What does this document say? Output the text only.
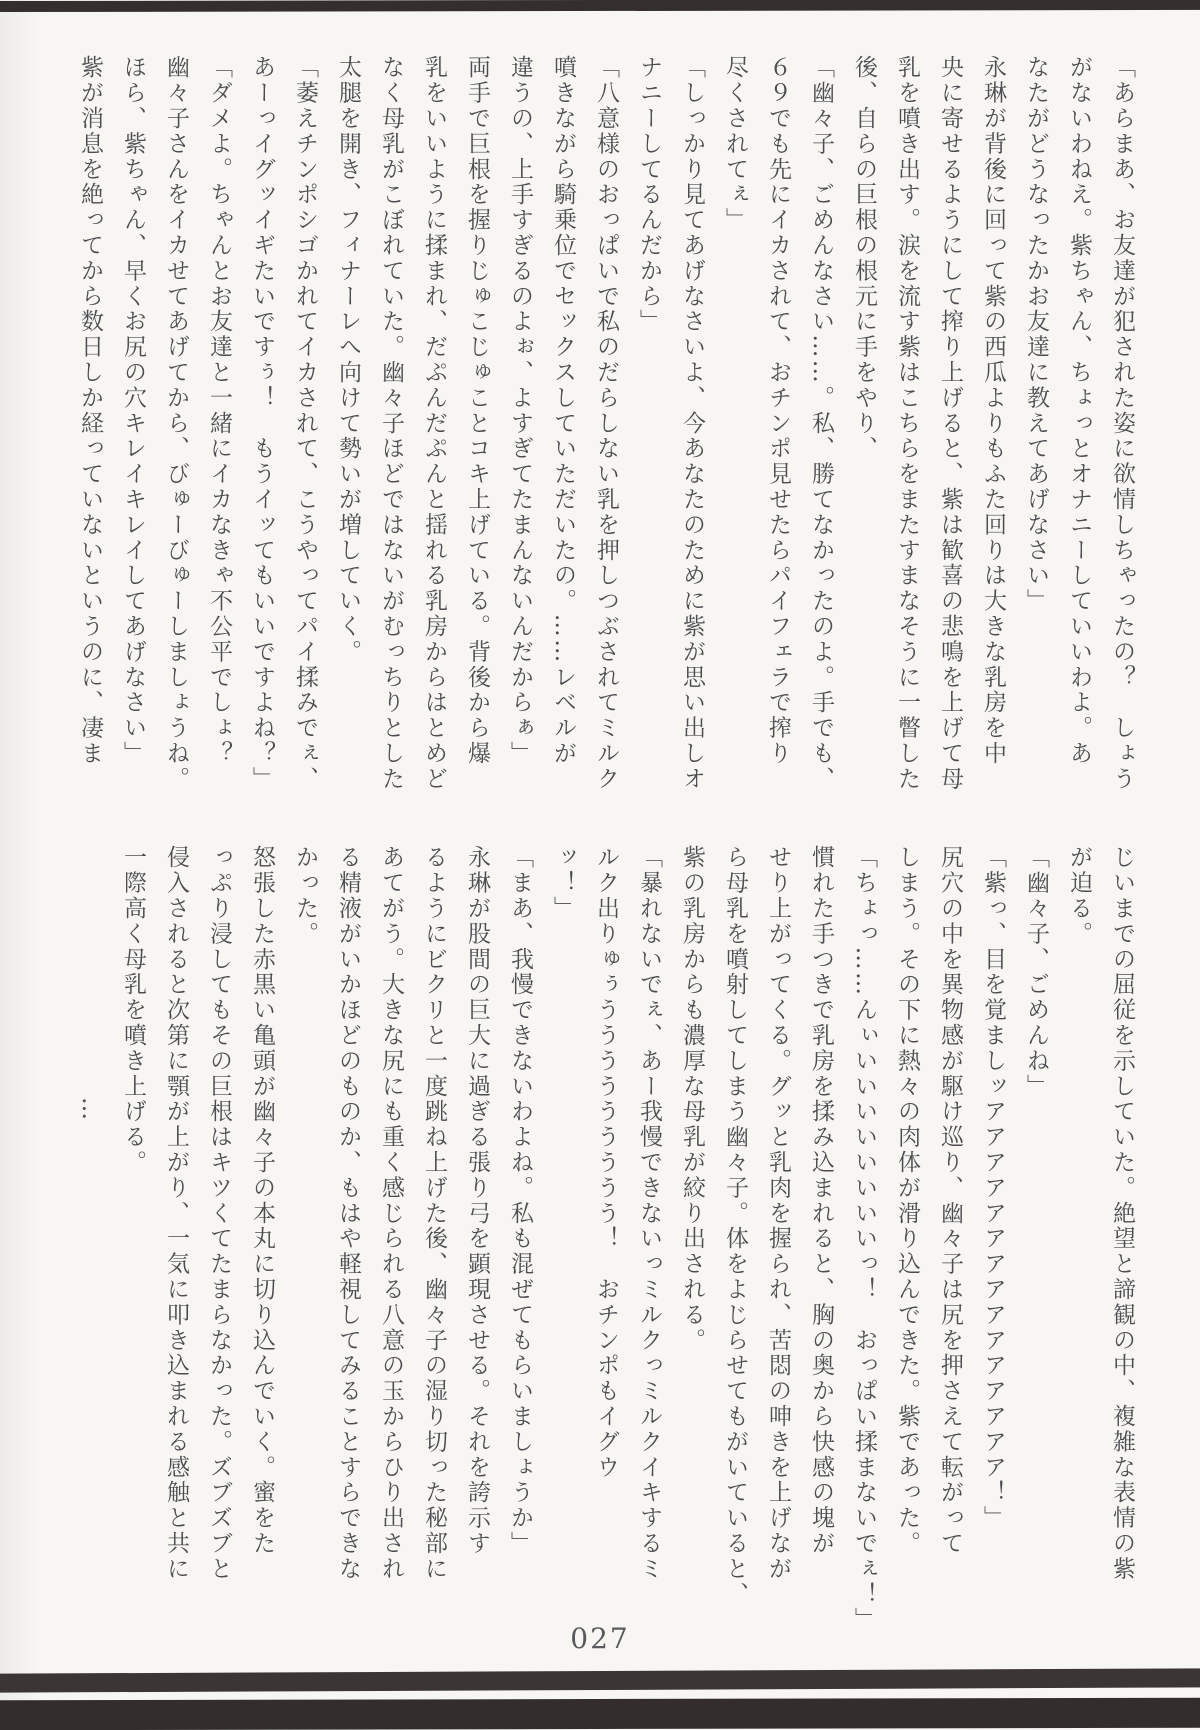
「あらまあ、お友達が犯された姿に欲情しちゃったの？　しょう
がないわねえ。紫ちゃん、ちょっとオナニーしていいわよ。あ
なたがどうなったかお友達に教えてあげなさい」
永琳が背後に回って紫の西瓜よりもふた回りは大きな乳房を中
央に寄せるようにして搾り上げると、紫は歓喜の悲鳴を上げて母
乳を噴き出す。涙を流す紫はこちらをまたすまなそうに一瞥した
後、自らの巨根の根元に手をやり、
「幽々子、ごめんなさい……。私、勝てなかったのよ。手でも、
６９でも先にイカされて、おチンポ見せたらパイフェラで搾り
尽くされてぇ」
「しっかり見てあげなさいよ、今あなたのために紫が思い出しオ
ナニーしてるんだから」
「八意様のおっぱいで私のだらしない乳を押しつぶされてミルク
噴きながら騎乗位でセックスしていただいたの。……レベルが
違うの、上手すぎるのよぉ、よすぎてたまんないんだからぁ」
両手で巨根を握りじゅこじゅことコキ上げている。背後から爆
乳をいいように揉まれ、だぷんだぷんと揺れる乳房からはとめど
なく母乳がこぼれていた。幽々子ほどではないがむっちりとした
太腿を開き、フィナーレへ向けて勢いが増していく。
「萎えチンポシゴかれてイカされて、こうやってパイ揉みでぇ、
あーっイグッイギたいですぅ！　もうイッてもいいですよね？」
「ダメよ。ちゃんとお友達と一緒にイカなきゃ不公平でしょ？
幽々子さんをイカせてあげてから、びゅーびゅーしましょうね。
ほら、紫ちゃん、早くお尻の穴キレイキレイしてあげなさい」
紫が消息を絶ってから数日しか経っていないというのに、凄ま
じいまでの屈従を示していた。絶望と諦観の中、複雑な表情の紫
が迫る。
「幽々子、ごめんね」
「紫っ、目を覚ましッアアアアアアアアアアアアアアア！」
尻穴の中を異物感が駆け巡り、幽々子は尻を押さえて転がって
しまう。その下に熱々の肉体が滑り込んできた。紫であった。
「ちょっ……んぃいいいいいいいいっ！　おっぱい揉まないでぇ！」
慣れた手つきで乳房を揉み込まれると、胸の奥から快感の塊が
せり上がってくる。グッと乳肉を握られ、苦悶の呻きを上げなが
ら母乳を噴射してしまう幽々子。体をよじらせてもがいていると、
紫の乳房からも濃厚な母乳が絞り出される。
「暴れないでぇ、あー我慢できないっミルクっミルクイキするミ
ルク出りゅぅううううううううう！　おチンポもイグウ
ッ！」
「まあ、我慢できないわよね。私も混ぜてもらいましょうか」
永琳が股間の巨大に過ぎる張り弓を顕現させる。それを誇示す
るようにビクリと一度跳ね上げた後、幽々子の湿り切った秘部に
あてがう。大きな尻にも重く感じられる八意の玉からひり出され
る精液がいかほどのものか、もはや軽視してみることすらできな
かった。
怒張した赤黒い亀頭が幽々子の本丸に切り込んでいく。蜜をた
っぷり浸してもその巨根はキツくてたまらなかった。ズブズブと
侵入されると次第に顎が上がり、一気に叩き込まれる感触と共に
一際高く母乳を噴き上げる。
…
027
